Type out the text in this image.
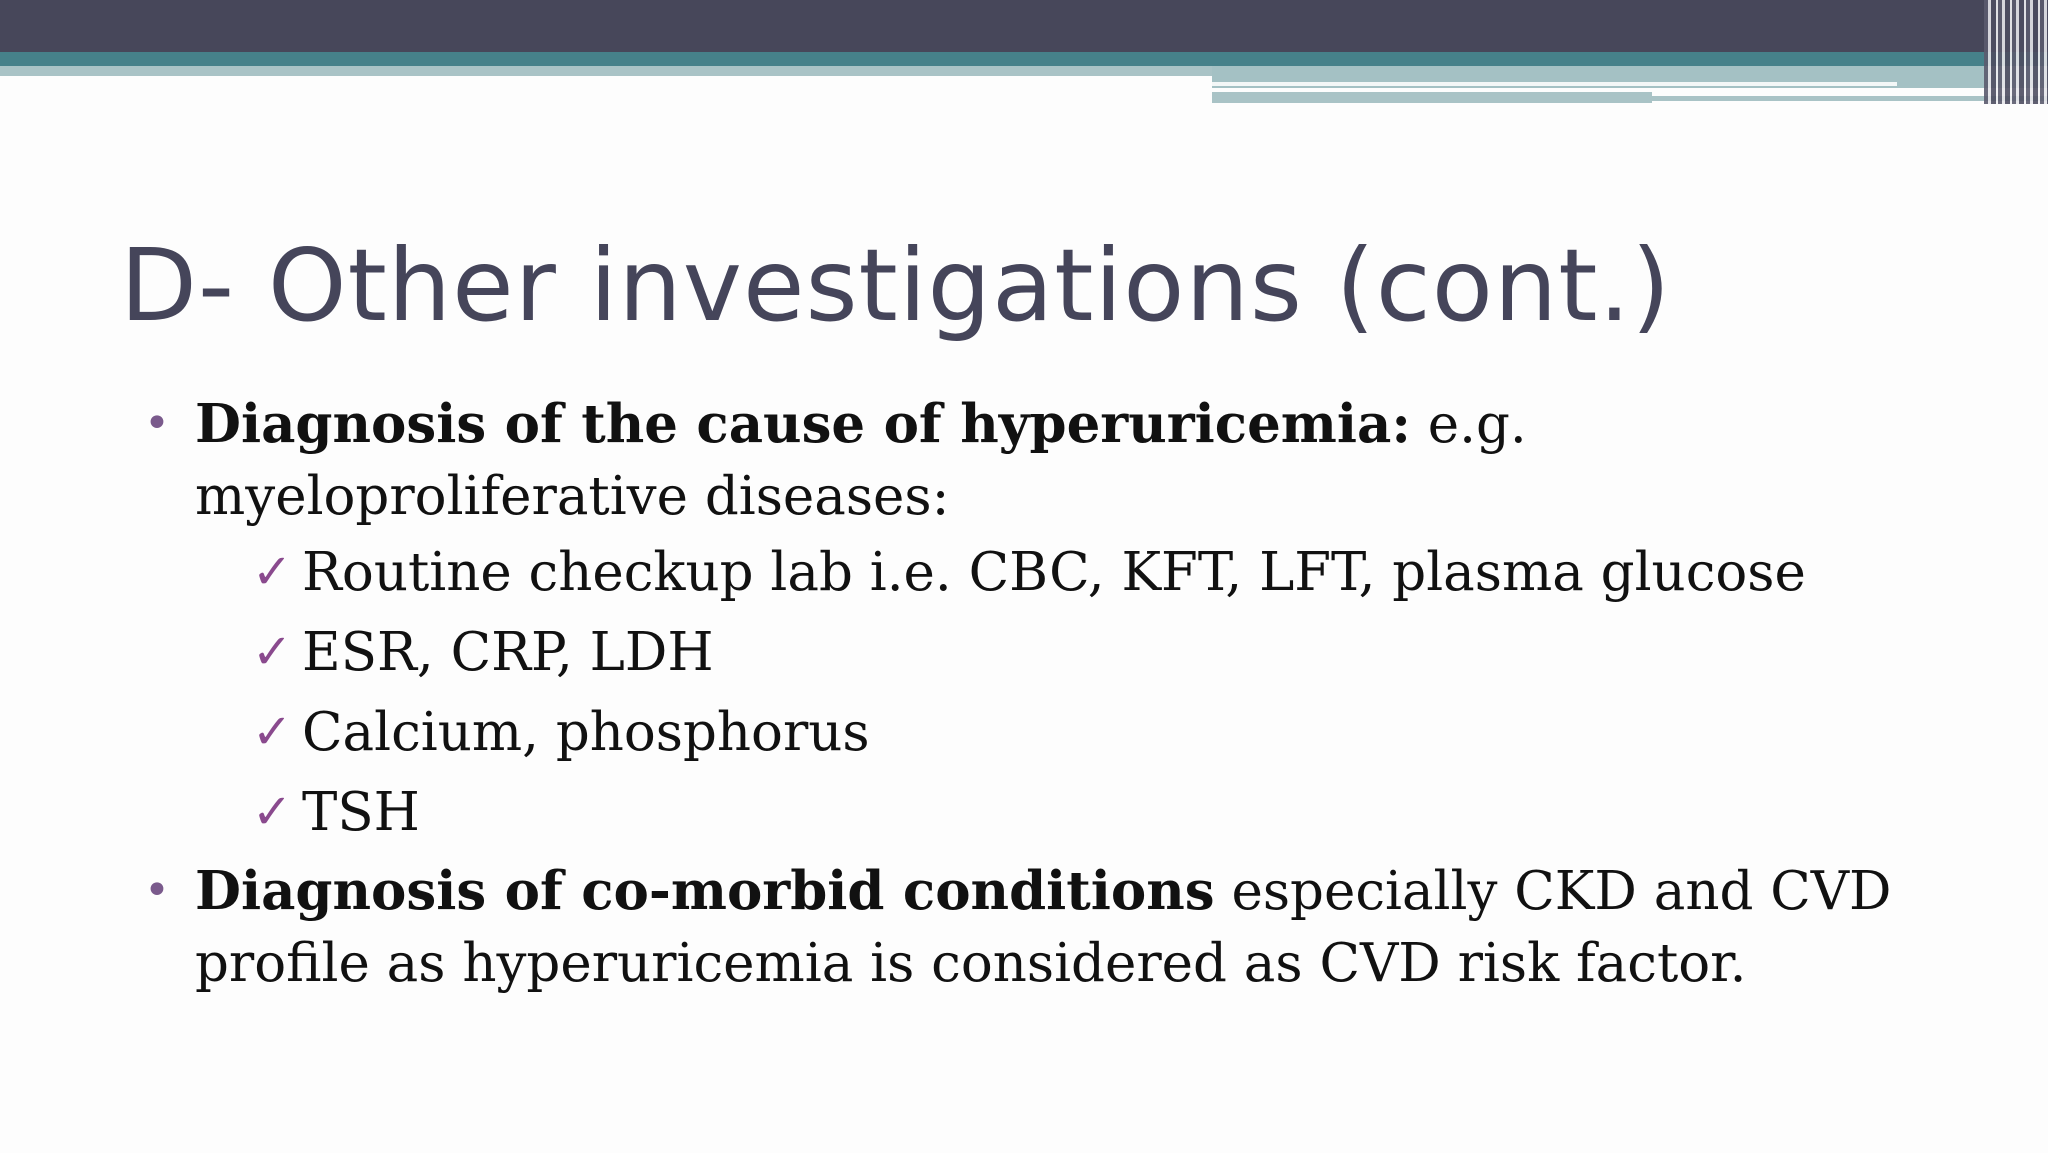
D- Other investigations (cont.)
• Diagnosis of the cause of hyperuricemia: e.g. myeloproliferative diseases:
✓ Routine checkup lab i.e. CBC, KFT, LFT, plasma glucose
✓ ESR, CRP, LDH
✓ Calcium, phosphorus
✓ TSH
• Diagnosis of co-morbid conditions especially CKD and CVD profile as hyperuricemia is considered as CVD risk factor.
